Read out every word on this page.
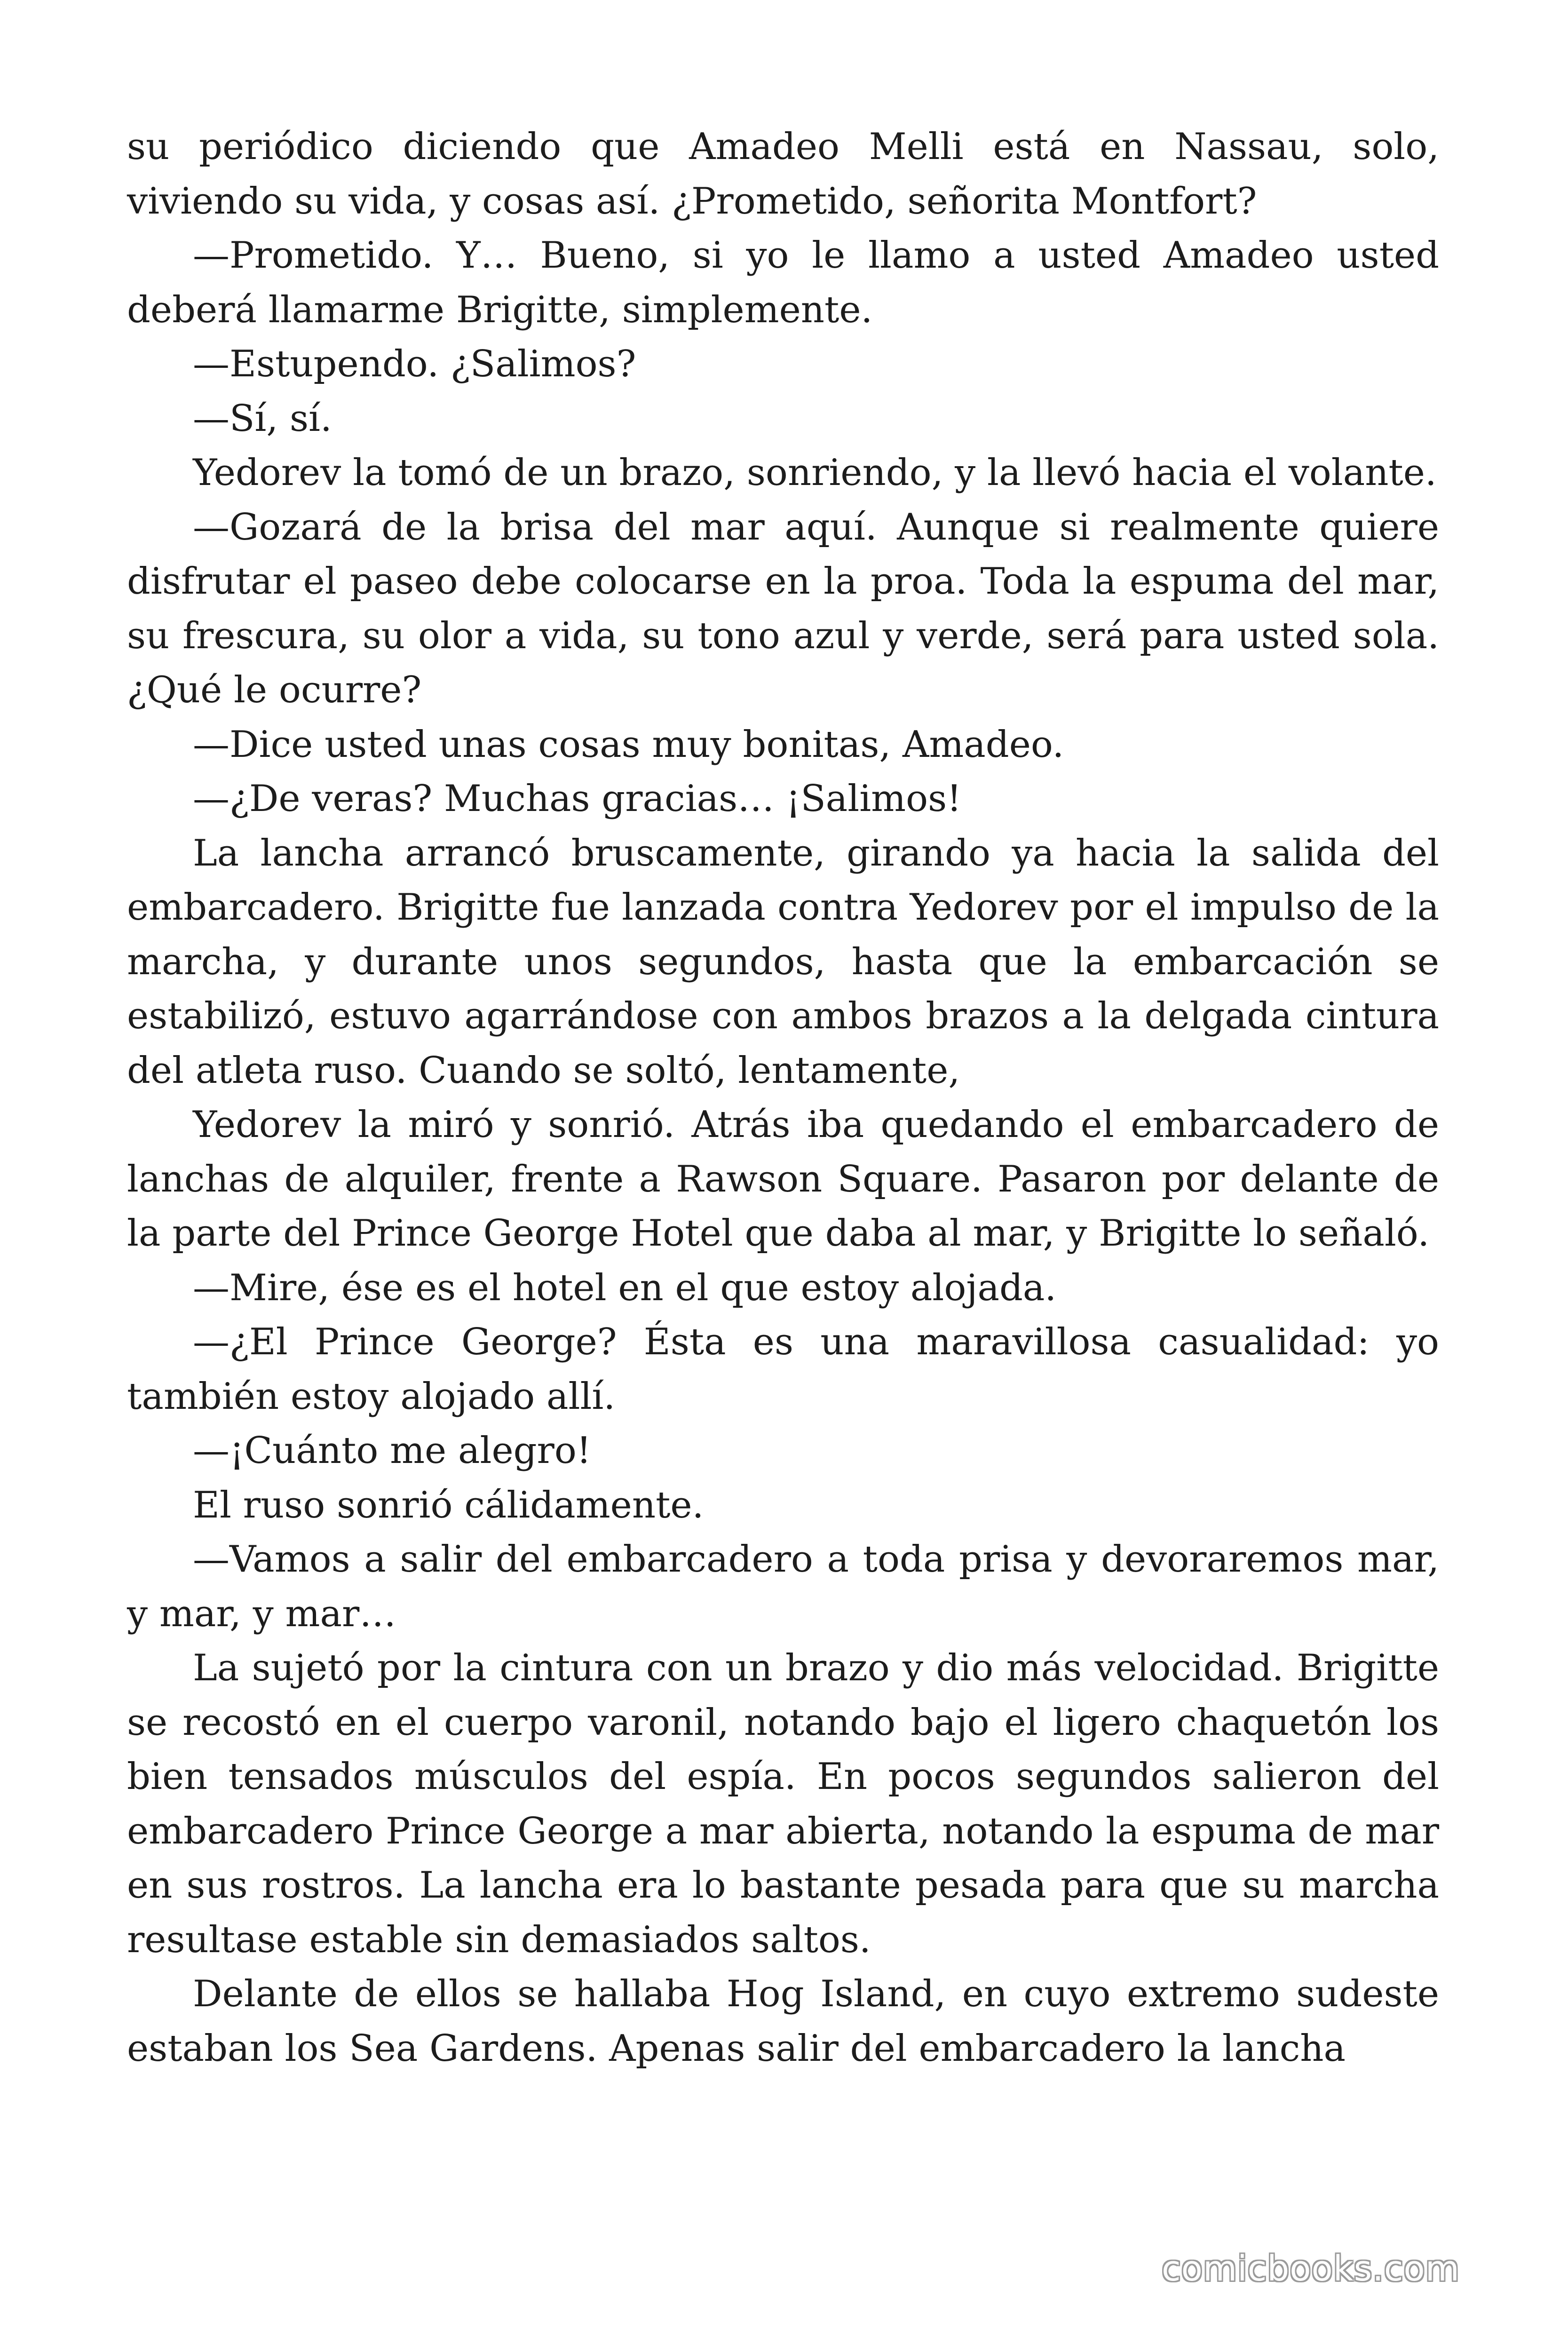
su periódico diciendo que Amadeo Melli está en Nassau, solo, viviendo su vida, y cosas así. ¿Prometido, señorita Montfort?

—Prometido. Y… Bueno, si yo le llamo a usted Amadeo usted deberá llamarme Brigitte, simplemente.

—Estupendo. ¿Salimos?

—Sí, sí.

Yedorev la tomó de un brazo, sonriendo, y la llevó hacia el volante.

—Gozará de la brisa del mar aquí. Aunque si realmente quiere disfrutar el paseo debe colocarse en la proa. Toda la espuma del mar, su frescura, su olor a vida, su tono azul y verde, será para usted sola. ¿Qué le ocurre?

—Dice usted unas cosas muy bonitas, Amadeo.

—¿De veras? Muchas gracias… ¡Salimos!

La lancha arrancó bruscamente, girando ya hacia la salida del embarcadero. Brigitte fue lanzada contra Yedorev por el impulso de la marcha, y durante unos segundos, hasta que la embarcación se estabilizó, estuvo agarrándose con ambos brazos a la delgada cintura del atleta ruso. Cuando se soltó, lentamente,

Yedorev la miró y sonrió. Atrás iba quedando el embarcadero de lanchas de alquiler, frente a Rawson Square. Pasaron por delante de la parte del Prince George Hotel que daba al mar, y Brigitte lo señaló.

—Mire, ése es el hotel en el que estoy alojada.

—¿El Prince George? Ésta es una maravillosa casualidad: yo también estoy alojado allí.

—¡Cuánto me alegro!

El ruso sonrió cálidamente.

—Vamos a salir del embarcadero a toda prisa y devoraremos mar, y mar, y mar…

La sujetó por la cintura con un brazo y dio más velocidad. Brigitte se recostó en el cuerpo varonil, notando bajo el ligero chaquetón los bien tensados músculos del espía. En pocos segundos salieron del embarcadero Prince George a mar abierta, notando la espuma de mar en sus rostros. La lancha era lo bastante pesada para que su marcha resultase estable sin demasiados saltos.

Delante de ellos se hallaba Hog Island, en cuyo extremo sudeste estaban los Sea Gardens. Apenas salir del embarcadero la lancha

comicbooks.com
